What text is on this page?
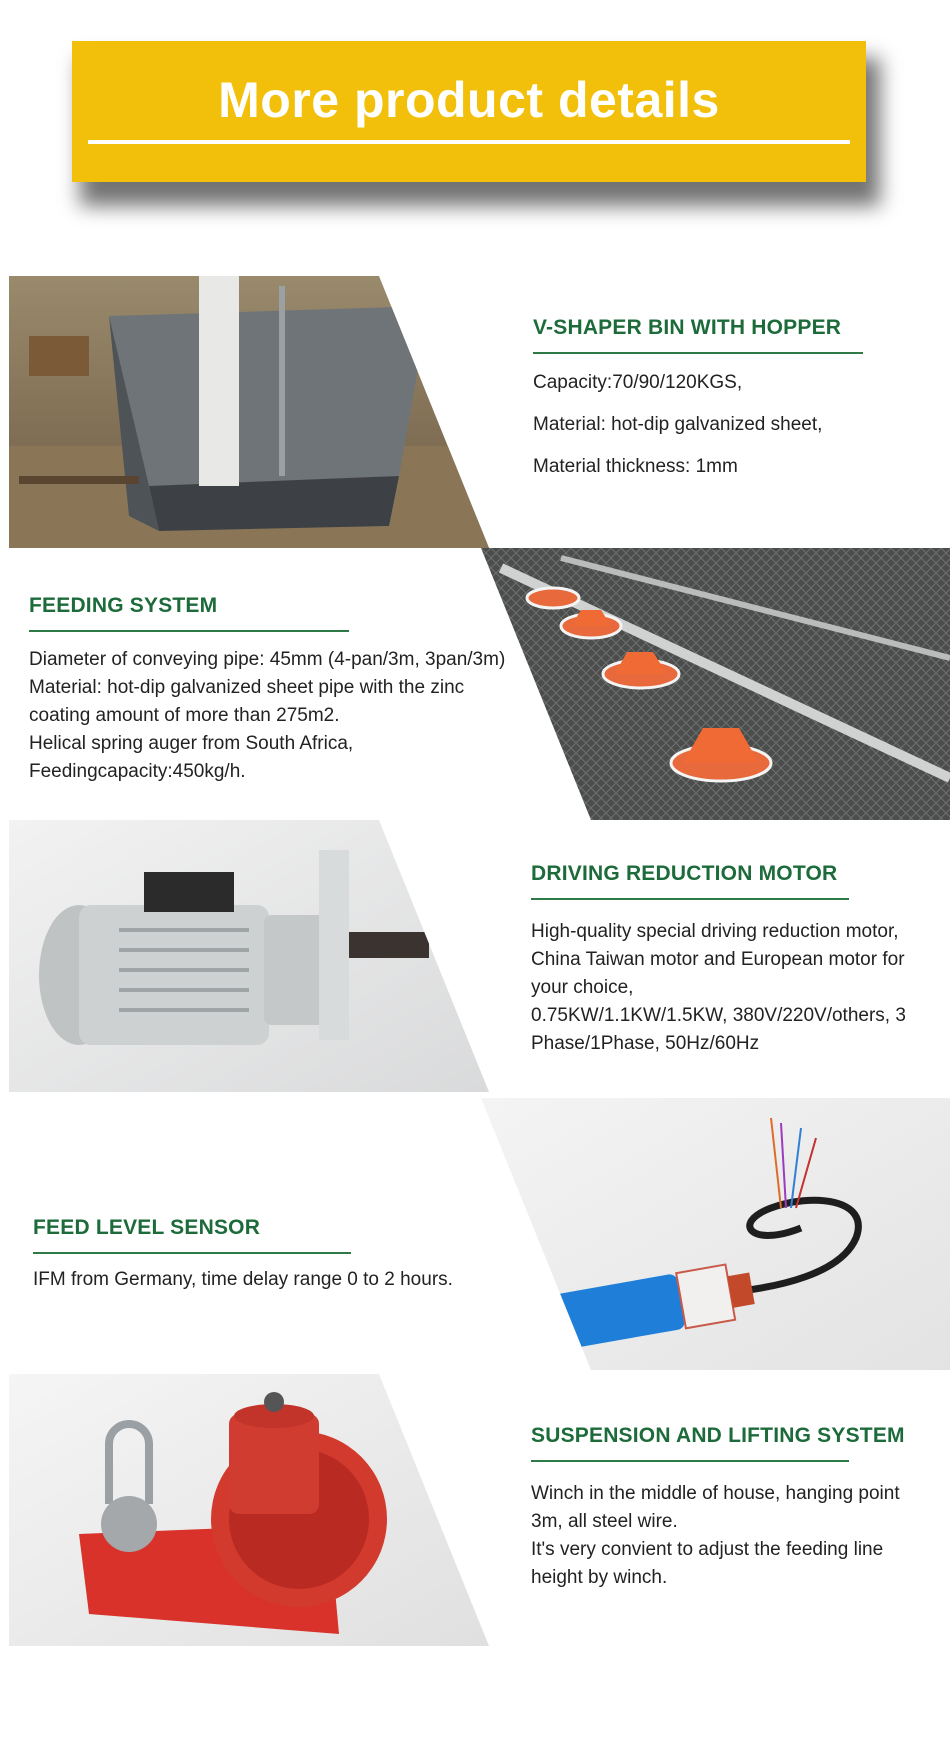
More product details
V-SHAPER BIN WITH HOPPER
Capacity:70/90/120KGS,
Material: hot-dip galvanized sheet,
Material thickness: 1mm
FEEDING SYSTEM
Diameter of conveying pipe: 45mm (4-pan/3m, 3pan/3m)
Material: hot-dip galvanized sheet pipe with the zinc
coating amount of more than 275m2.
Helical spring auger from South Africa,
Feedingcapacity:450kg/h.
DRIVING REDUCTION MOTOR
High-quality special driving reduction motor,
China Taiwan motor and European motor for
your choice,
0.75KW/1.1KW/1.5KW, 380V/220V/others, 3
Phase/1Phase, 50Hz/60Hz
FEED LEVEL SENSOR
IFM from Germany, time delay range 0 to 2 hours.
SUSPENSION AND LIFTING SYSTEM
Winch in the middle of house, hanging point
3m, all steel wire.
It's very convient to adjust the feeding line
height by winch.
